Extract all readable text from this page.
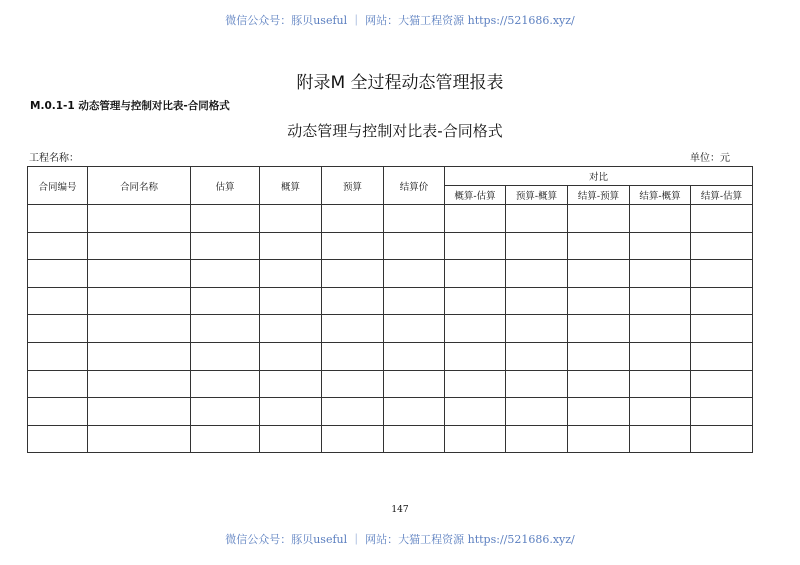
微信公众号：豚贝useful ｜ 网站：大猫工程资源 https://521686.xyz/
附录M 全过程动态管理报表
M.0.1-1 动态管理与控制对比表-合同格式
动态管理与控制对比表-合同格式
工程名称：	单位：元
合同编号	合同名称	估算	概算	预算	结算价	对比				
						概算-估算	预算-概算	结算-预算	结算-概算	结算-估算

147
微信公众号：豚贝useful ｜ 网站：大猫工程资源 https://521686.xyz/
